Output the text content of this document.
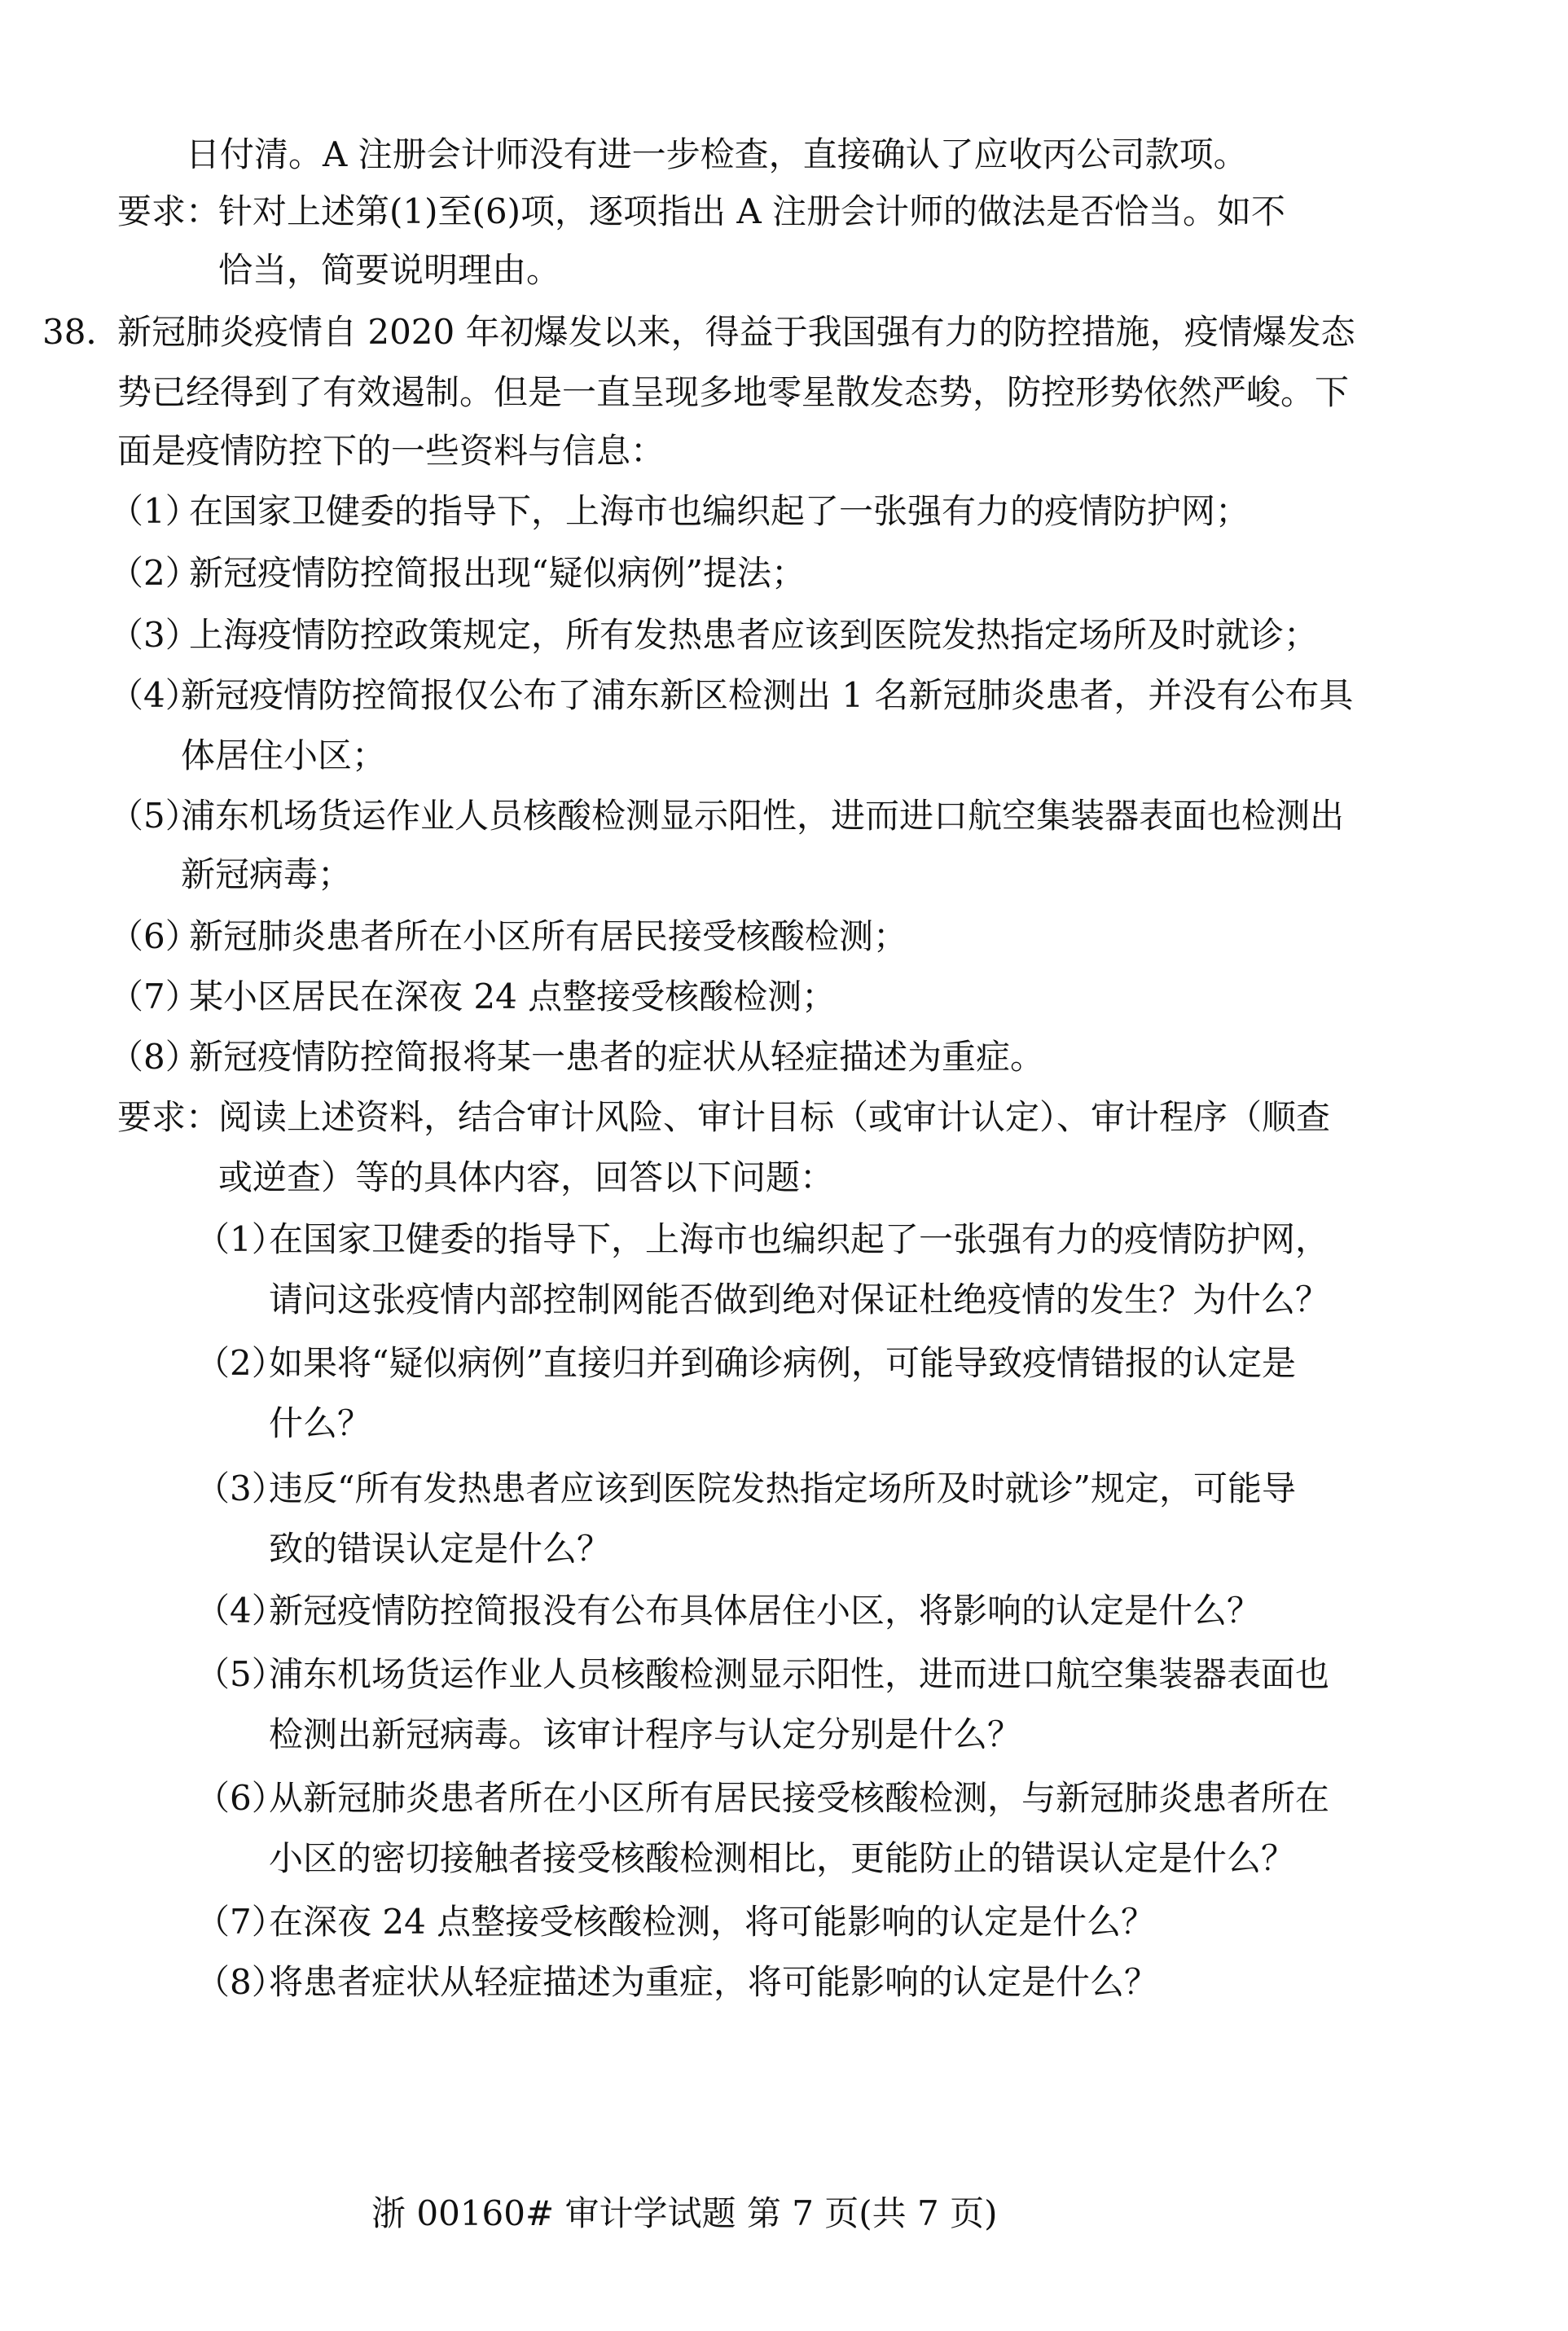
日付清。A 注册会计师没有进一步检查，直接确认了应收丙公司款项。
要求：
针对上述第(1)至(6)项，逐项指出 A 注册会计师的做法是否恰当。如不
恰当，简要说明理由。
38．
新冠肺炎疫情自 2020 年初爆发以来，得益于我国强有力的防控措施，疫情爆发态
势已经得到了有效遏制。但是一直呈现多地零星散发态势，防控形势依然严峻。下
面是疫情防控下的一些资料与信息：
（1）
在国家卫健委的指导下，上海市也编织起了一张强有力的疫情防护网；
（2）
新冠疫情防控简报出现“疑似病例”提法；
（3）
上海疫情防控政策规定，所有发热患者应该到医院发热指定场所及时就诊；
（4）
新冠疫情防控简报仅公布了浦东新区检测出 1 名新冠肺炎患者，并没有公布具
体居住小区；
（5）
浦东机场货运作业人员核酸检测显示阳性，进而进口航空集装器表面也检测出
新冠病毒；
（6）
新冠肺炎患者所在小区所有居民接受核酸检测；
（7）
某小区居民在深夜 24 点整接受核酸检测；
（8）
新冠疫情防控简报将某一患者的症状从轻症描述为重症。
要求：
阅读上述资料，结合审计风险、审计目标（或审计认定）、审计程序（顺查
或逆查）等的具体内容，回答以下问题：
（1）
在国家卫健委的指导下，上海市也编织起了一张强有力的疫情防护网，
请问这张疫情内部控制网能否做到绝对保证杜绝疫情的发生？为什么？
（2）
如果将“疑似病例”直接归并到确诊病例，可能导致疫情错报的认定是
什么？
（3）
违反“所有发热患者应该到医院发热指定场所及时就诊”规定，可能导
致的错误认定是什么？
（4）
新冠疫情防控简报没有公布具体居住小区，将影响的认定是什么？
（5）
浦东机场货运作业人员核酸检测显示阳性，进而进口航空集装器表面也
检测出新冠病毒。该审计程序与认定分别是什么？
（6）
从新冠肺炎患者所在小区所有居民接受核酸检测，与新冠肺炎患者所在
小区的密切接触者接受核酸检测相比，更能防止的错误认定是什么？
（7）
在深夜 24 点整接受核酸检测，将可能影响的认定是什么？
（8）
将患者症状从轻症描述为重症，将可能影响的认定是什么？
浙 00160# 审计学试题 第 7 页(共 7 页)
